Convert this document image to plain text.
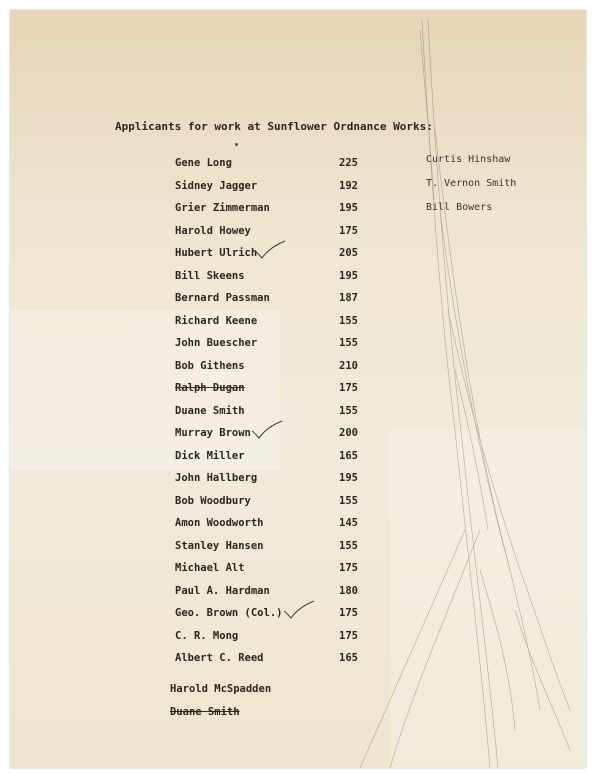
Applicants for work at Sunflower Ordnance Works:
Gene Long	225
Sidney Jagger	192
Grier Zimmerman	195
Harold Howey	175
Hubert Ulrich	205
Bill Skeens	195
Bernard Passman	187
Richard Keene	155
John Buescher	155
Bob Githens	210
Ralph Dugan	175
Duane Smith	155
Murray Brown	200
Dick Miller	165
John Hallberg	195
Bob Woodbury	155
Amon Woodworth	145
Stanley Hansen	155
Michael Alt	175
Paul A. Hardman	180
Geo. Brown (Col.)	175
C. R. Mong	175
Albert C. Reed	165
Curtis Hinshaw
T. Vernon Smith
Bill Bowers
Harold McSpadden
Duane Smith
